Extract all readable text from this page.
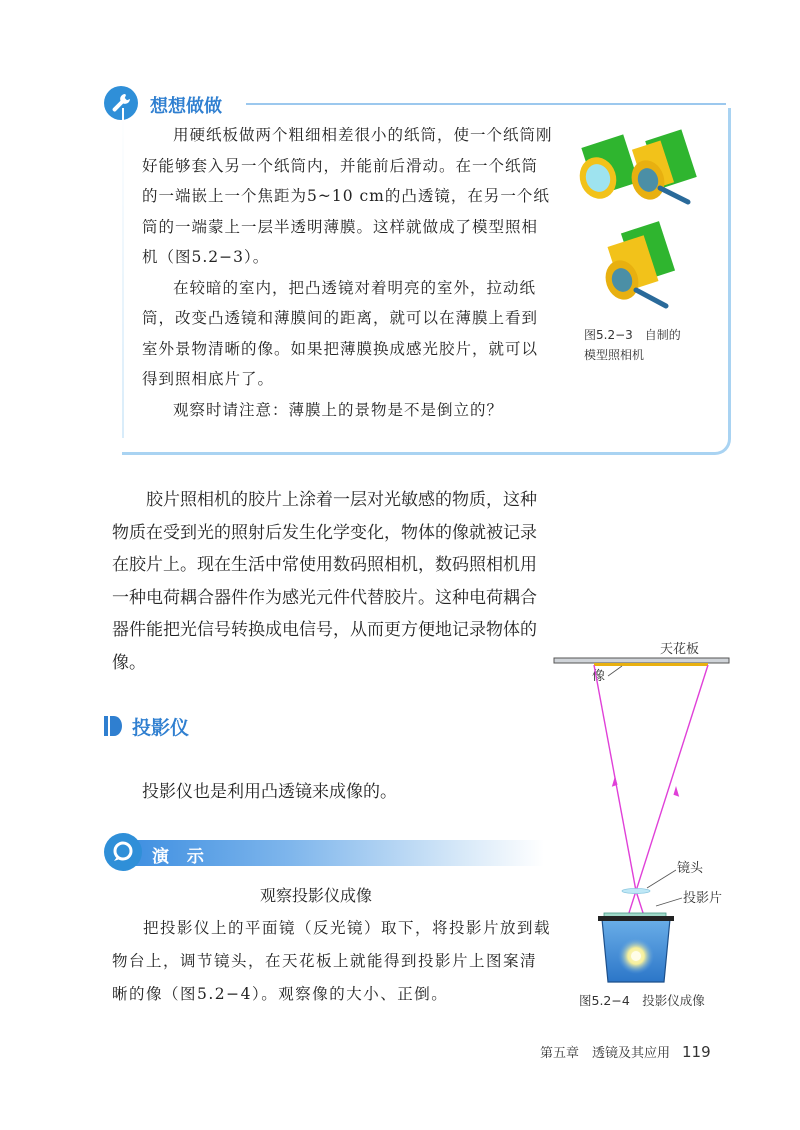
想想做做

用硬纸板做两个粗细相差很小的纸筒，使一个纸筒刚好能够套入另一个纸筒内，并能前后滑动。在一个纸筒的一端嵌上一个焦距为5~10 cm的凸透镜，在另一个纸筒的一端蒙上一层半透明薄膜。这样就做成了模型照相机（图5.2−3）。

在较暗的室内，把凸透镜对着明亮的室外，拉动纸筒，改变凸透镜和薄膜间的距离，就可以在薄膜上看到室外景物清晰的像。如果把薄膜换成感光胶片，就可以得到照相底片了。

观察时请注意：薄膜上的景物是不是倒立的？

图5.2−3　自制的
模型照相机

胶片照相机的胶片上涂着一层对光敏感的物质，这种物质在受到光的照射后发生化学变化，物体的像就被记录在胶片上。现在生活中常使用数码照相机，数码照相机用一种电荷耦合器件作为感光元件代替胶片。这种电荷耦合器件能把光信号转换成电信号，从而更方便地记录物体的像。

投影仪
投影仪也是利用凸透镜来成像的。
演 示
观察投影仪成像

把投影仪上的平面镜（反光镜）取下，将投影片放到载物台上，调节镜头，在天花板上就能得到投影片上图案清晰的像（图5.2−4）。观察像的大小、正倒。

天花板
像
镜头
投影片
图5.2−4　投影仪成像
第五章　透镜及其应用 119
